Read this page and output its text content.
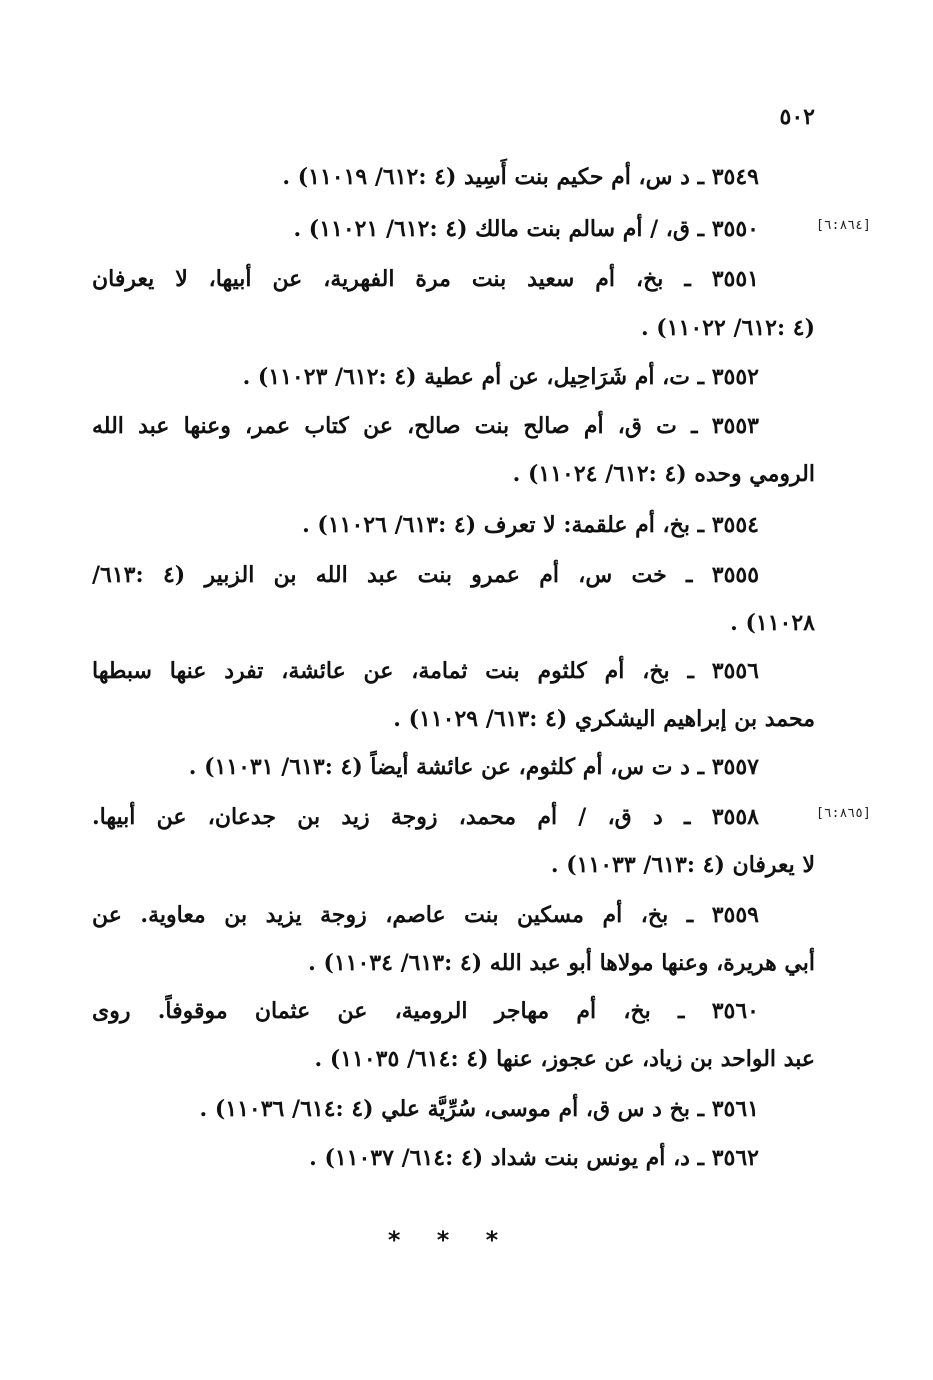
٥٠٢
[٦:٨٦٤]
[٦:٨٦٥]
٣٥٤٩ ـ د س، أم حكيم بنت أَسِيد (٤ :٦١٢/ ١١٠١٩) .
٣٥٥٠ ـ ق، / أم سالم بنت مالك (٤ :٦١٢/ ١١٠٢١) .
٣٥٥١ ـ بخ، أم سعيد بنت مرة الفهرية، عن أبيها، لا يعرفان
(٤ :٦١٢/ ١١٠٢٢) .
٣٥٥٢ ـ ت، أم شَرَاحِيل، عن أم عطية (٤ :٦١٢/ ١١٠٢٣) .
٣٥٥٣ ـ ت ق، أم صالح بنت صالح، عن كتاب عمر، وعنها عبد الله
الرومي وحده (٤ :٦١٢/ ١١٠٢٤) .
٣٥٥٤ ـ بخ، أم علقمة: لا تعرف (٤ :٦١٣/ ١١٠٢٦) .
٣٥٥٥ ـ خت س، أم عمرو بنت عبد الله بن الزبير (٤ :٦١٣/
١١٠٢٨) .
٣٥٥٦ ـ بخ، أم كلثوم بنت ثمامة، عن عائشة، تفرد عنها سبطها
محمد بن إبراهيم اليشكري (٤ :٦١٣/ ١١٠٢٩) .
٣٥٥٧ ـ د ت س، أم كلثوم، عن عائشة أيضاً (٤ :٦١٣/ ١١٠٣١) .
٣٥٥٨ ـ د ق، / أم محمد، زوجة زيد بن جدعان، عن أبيها.
لا يعرفان (٤ :٦١٣/ ١١٠٣٣) .
٣٥٥٩ ـ بخ، أم مسكين بنت عاصم، زوجة يزيد بن معاوية. عن
أبي هريرة، وعنها مولاها أبو عبد الله (٤ :٦١٣/ ١١٠٣٤) .
٣٥٦٠ ـ بخ، أم مهاجر الرومية، عن عثمان موقوفاً. روى
عبد الواحد بن زياد، عن عجوز، عنها (٤ :٦١٤/ ١١٠٣٥) .
٣٥٦١ ـ بخ د س ق، أم موسى، سُرِّيَّة علي (٤ :٦١٤/ ١١٠٣٦) .
٣٥٦٢ ـ د، أم يونس بنت شداد (٤ :٦١٤/ ١١٠٣٧) .
* * *
